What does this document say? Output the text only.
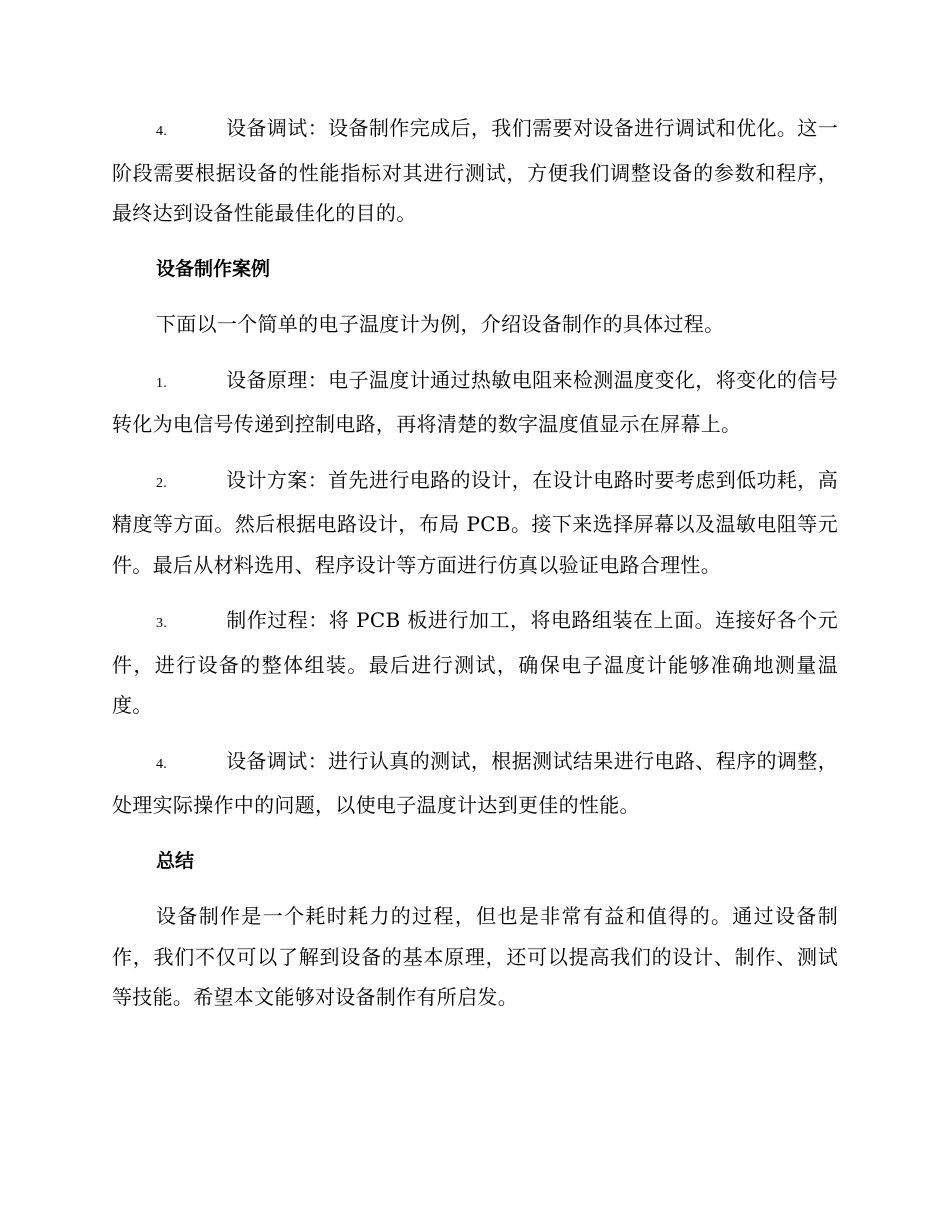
4.	设备调试：设备制作完成后，我们需要对设备进行调试和优化。这一阶段需要根据设备的性能指标对其进行测试，方便我们调整设备的参数和程序，最终达到设备性能最佳化的目的。

设备制作案例

下面以一个简单的电子温度计为例，介绍设备制作的具体过程。

1.	设备原理：电子温度计通过热敏电阻来检测温度变化，将变化的信号转化为电信号传递到控制电路，再将清楚的数字温度值显示在屏幕上。

2.	设计方案：首先进行电路的设计，在设计电路时要考虑到低功耗，高精度等方面。然后根据电路设计，布局 PCB。接下来选择屏幕以及温敏电阻等元件。最后从材料选用、程序设计等方面进行仿真以验证电路合理性。

3.	制作过程：将 PCB 板进行加工，将电路组装在上面。连接好各个元件，进行设备的整体组装。最后进行测试，确保电子温度计能够准确地测量温度。

4.	设备调试：进行认真的测试，根据测试结果进行电路、程序的调整，处理实际操作中的问题，以使电子温度计达到更佳的性能。

总结

设备制作是一个耗时耗力的过程，但也是非常有益和值得的。通过设备制作，我们不仅可以了解到设备的基本原理，还可以提高我们的设计、制作、测试等技能。希望本文能够对设备制作有所启发。
